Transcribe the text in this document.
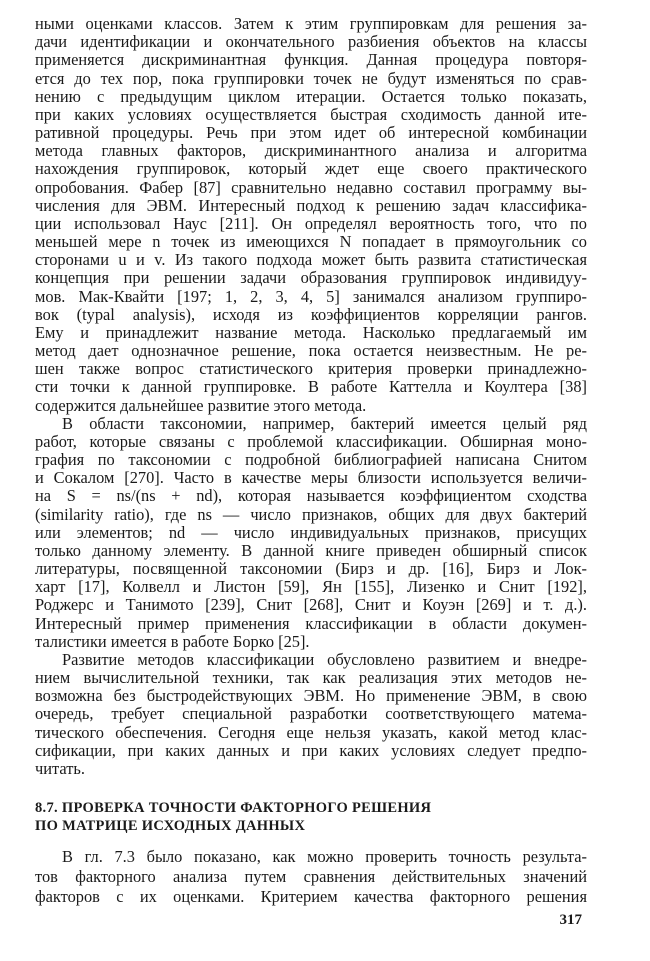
ными оценками классов. Затем к этим группировкам для решения за-
дачи идентификации и окончательного разбиения объектов на классы
применяется дискриминантная функция. Данная процедура повторя-
ется до тех пор, пока группировки точек не будут изменяться по срав-
нению с предыдущим циклом итерации. Остается только показать,
при каких условиях осуществляется быстрая сходимость данной ите-
ративной процедуры. Речь при этом идет об интересной комбинации
метода главных факторов, дискриминантного анализа и алгоритма
нахождения группировок, который ждет еще своего практического
опробования. Фабер [87] сравнительно недавно составил программу вы-
числения для ЭВМ. Интересный подход к решению задач классифика-
ции использовал Наус [211]. Он определял вероятность того, что по
меньшей мере n точек из имеющихся N попадает в прямоугольник со
сторонами u и v. Из такого подхода может быть развита статистическая
концепция при решении задачи образования группировок индивидуу-
мов. Мак-Квайти [197; 1, 2, 3, 4, 5] занимался анализом группиро-
вок (typal analysis), исходя из коэффициентов корреляции рангов.
Ему и принадлежит название метода. Насколько предлагаемый им
метод дает однозначное решение, пока остается неизвестным. Не ре-
шен также вопрос статистического критерия проверки принадлежно-
сти точки к данной группировке. В работе Каттелла и Коултера [38]
содержится дальнейшее развитие этого метода.
В области таксономии, например, бактерий имеется целый ряд
работ, которые связаны с проблемой классификации. Обширная моно-
графия по таксономии с подробной библиографией написана Снитом
и Сокалом [270]. Часто в качестве меры близости используется величи-
на S = ns/(ns + nd), которая называется коэффициентом сходства
(similarity ratio), где ns — число признаков, общих для двух бактерий
или элементов; nd — число индивидуальных признаков, присущих
только данному элементу. В данной книге приведен обширный список
литературы, посвященной таксономии (Бирз и др. [16], Бирз и Лок-
харт [17], Колвелл и Листон [59], Ян [155], Лизенко и Снит [192],
Роджерс и Танимото [239], Снит [268], Снит и Коуэн [269] и т. д.).
Интересный пример применения классификации в области докумен-
талистики имеется в работе Борко [25].
Развитие методов классификации обусловлено развитием и внедре-
нием вычислительной техники, так как реализация этих методов не-
возможна без быстродействующих ЭВМ. Но применение ЭВМ, в свою
очередь, требует специальной разработки соответствующего матема-
тического обеспечения. Сегодня еще нельзя указать, какой метод клас-
сификации, при каких данных и при каких условиях следует предпо-
читать.
8.7. ПРОВЕРКА ТОЧНОСТИ ФАКТОРНОГО РЕШЕНИЯ
ПО МАТРИЦЕ ИСХОДНЫХ ДАННЫХ
В гл. 7.3 было показано, как можно проверить точность результа-
тов факторного анализа путем сравнения действительных значений
факторов с их оценками. Критерием качества факторного решения
317
